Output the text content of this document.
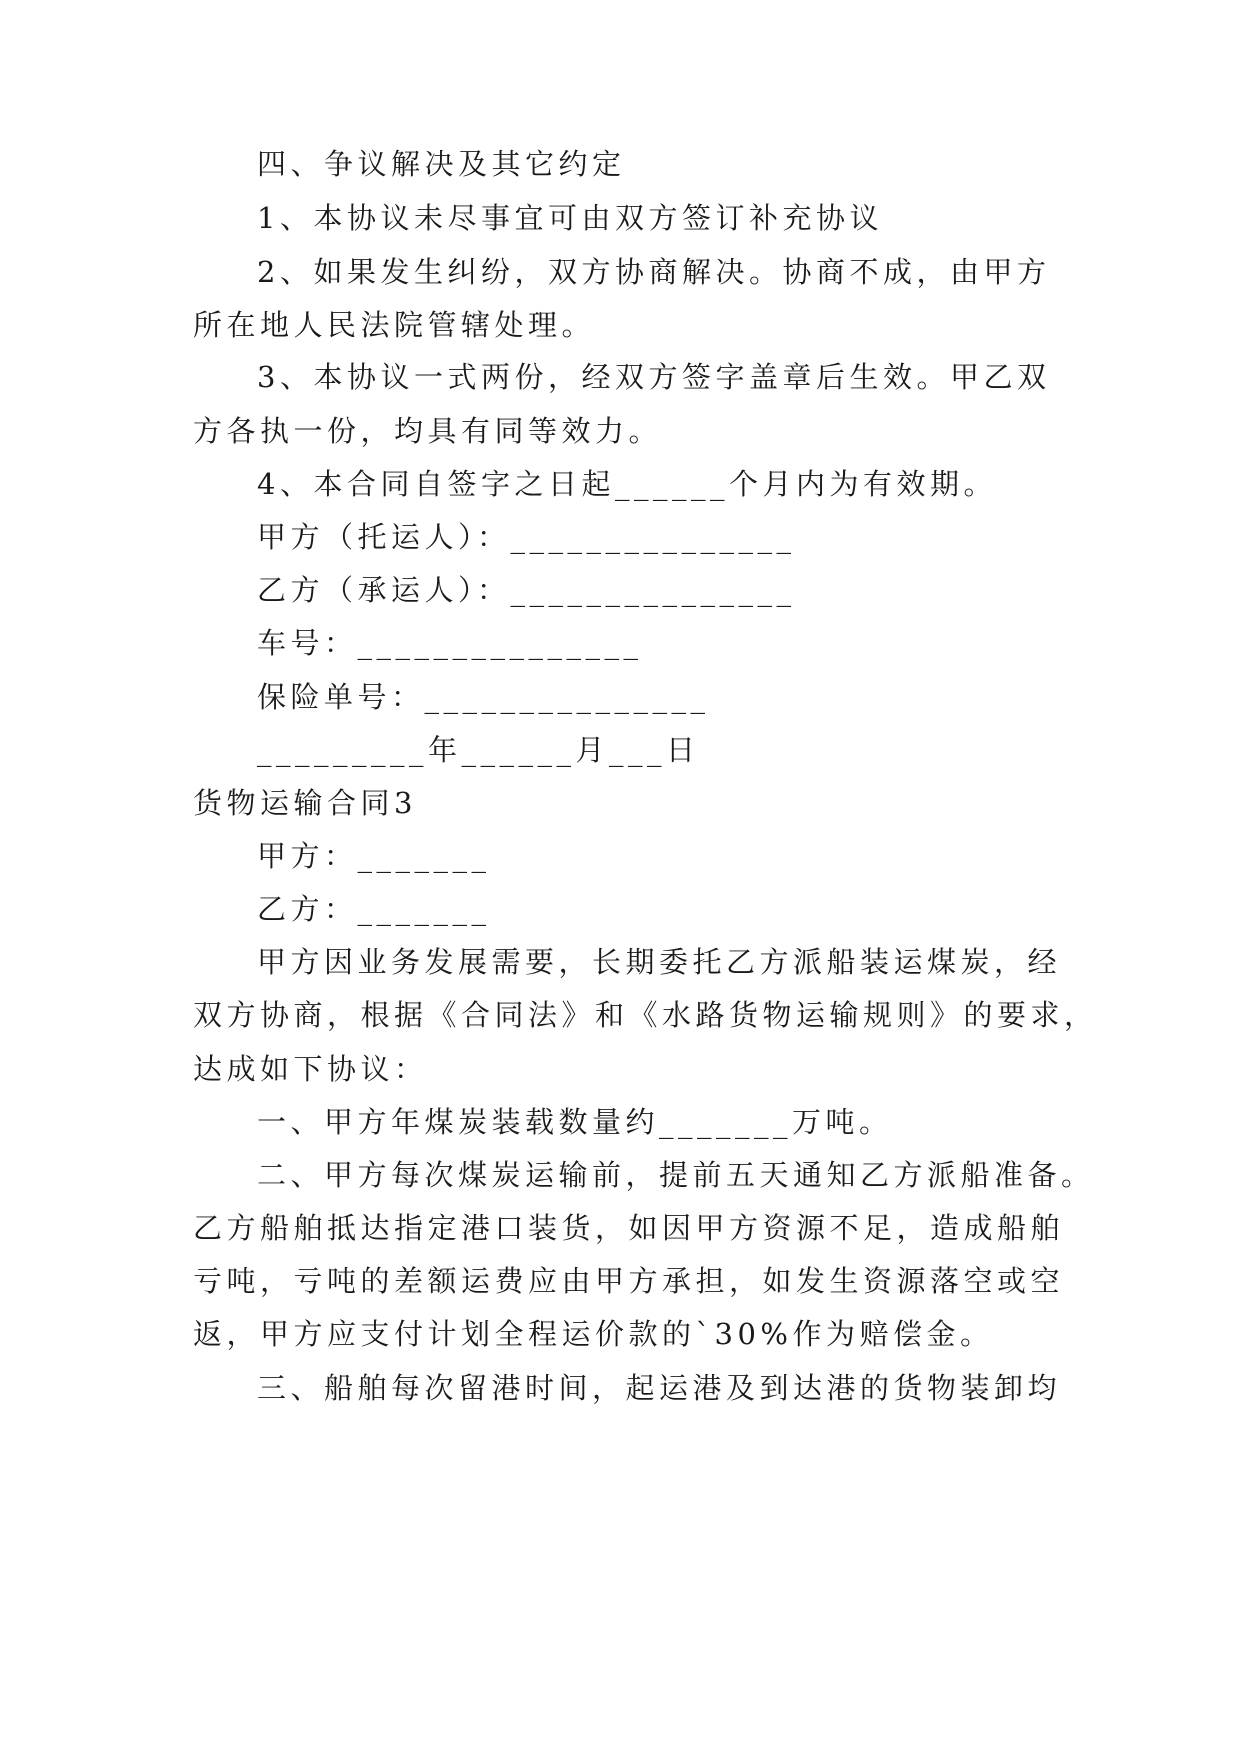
四、争议解决及其它约定

1、本协议未尽事宜可由双方签订补充协议

2、如果发生纠纷，双方协商解决。协商不成，由甲方

所在地人民法院管辖处理。

3、本协议一式两份，经双方签字盖章后生效。甲乙双

方各执一份，均具有同等效力。

4、本合同自签字之日起______个月内为有效期。

甲方（托运人）：_______________

乙方（承运人）：_______________

车号：_______________

保险单号：_______________

_________年______月___日

货物运输合同3

甲方：_______

乙方：_______

甲方因业务发展需要，长期委托乙方派船装运煤炭，经

双方协商，根据《合同法》和《水路货物运输规则》的要求，

达成如下协议：

一、甲方年煤炭装载数量约_______万吨。

二、甲方每次煤炭运输前，提前五天通知乙方派船准备。

乙方船舶抵达指定港口装货，如因甲方资源不足，造成船舶

亏吨，亏吨的差额运费应由甲方承担，如发生资源落空或空

返，甲方应支付计划全程运价款的`30%作为赔偿金。

三、船舶每次留港时间，起运港及到达港的货物装卸均
